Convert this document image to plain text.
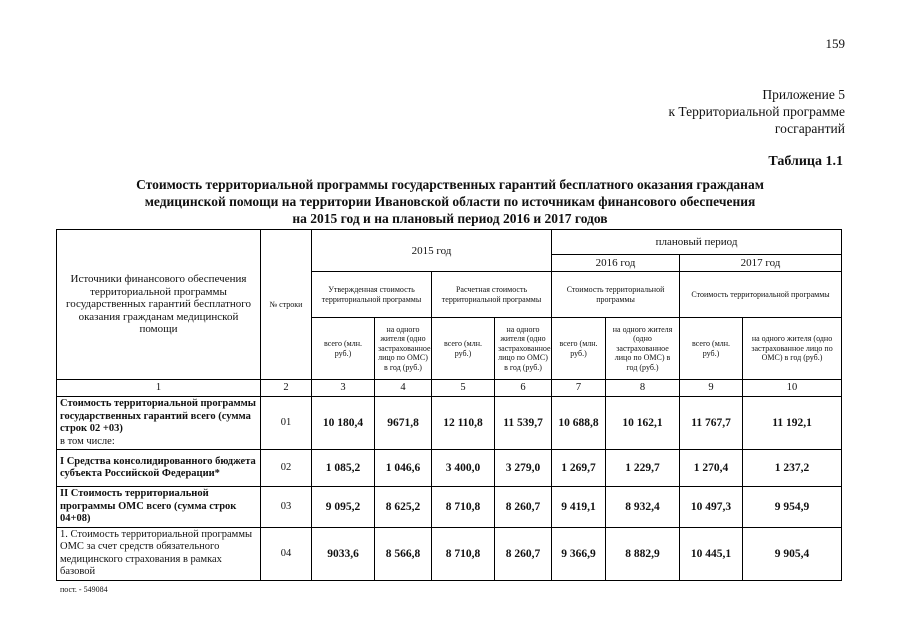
159
Приложение 5
к Территориальной программе
госгарантий
Таблица 1.1
Стоимость территориальной программы государственных гарантий бесплатного оказания гражданам
медицинской помощи на территории Ивановской области по источникам финансового обеспечения
на 2015 год и на плановый период 2016 и 2017 годов
Источники финансового обеспечения территориальной программы государственных гарантий бесплатного оказания гражданам медицинской помощи	№ строки	2015 год				плановый период			
						2016 год		2017 год	
		Утвержденная стоимость территориальной программы		Расчетная стоимость территориальной программы		Стоимость территориальной программы		Стоимость территориальной программы	
		всего (млн. руб.)	на одного жителя (одно застрахованное лицо по ОМС) в год (руб.)	всего (млн. руб.)	на одного жителя (одно застрахованное лицо по ОМС) в год (руб.)	всего (млн. руб.)	на одного жителя (одно застрахованное лицо по ОМС) в год (руб.)	всего (млн. руб.)	на одного жителя (одно застрахованное лицо по ОМС) в год (руб.)
1	2	3	4	5	6	7	8	9	10

Стоимость территориальной программы государственных гарантий всего (сумма строк 02 +03)
в том числе:	01	10 180,4	9671,8	12 110,8	11 539,7	10 688,8	10 162,1	11 767,7	11 192,1
I Средства консолидированного бюджета субъекта Российской Федерации*	02	1 085,2	1 046,6	3 400,0	3 279,0	1 269,7	1 229,7	1 270,4	1 237,2
II Стоимость территориальной программы ОМС всего (сумма строк 04+08)	03	9 095,2	8 625,2	8 710,8	8 260,7	9 419,1	8 932,4	10 497,3	9 954,9
1. Стоимость территориальной программы ОМС за счет средств обязательного медицинского страхования в рамках базовой	04	9033,6	8 566,8	8 710,8	8 260,7	9 366,9	8 882,9	10 445,1	9 905,4
пост. - 549084
